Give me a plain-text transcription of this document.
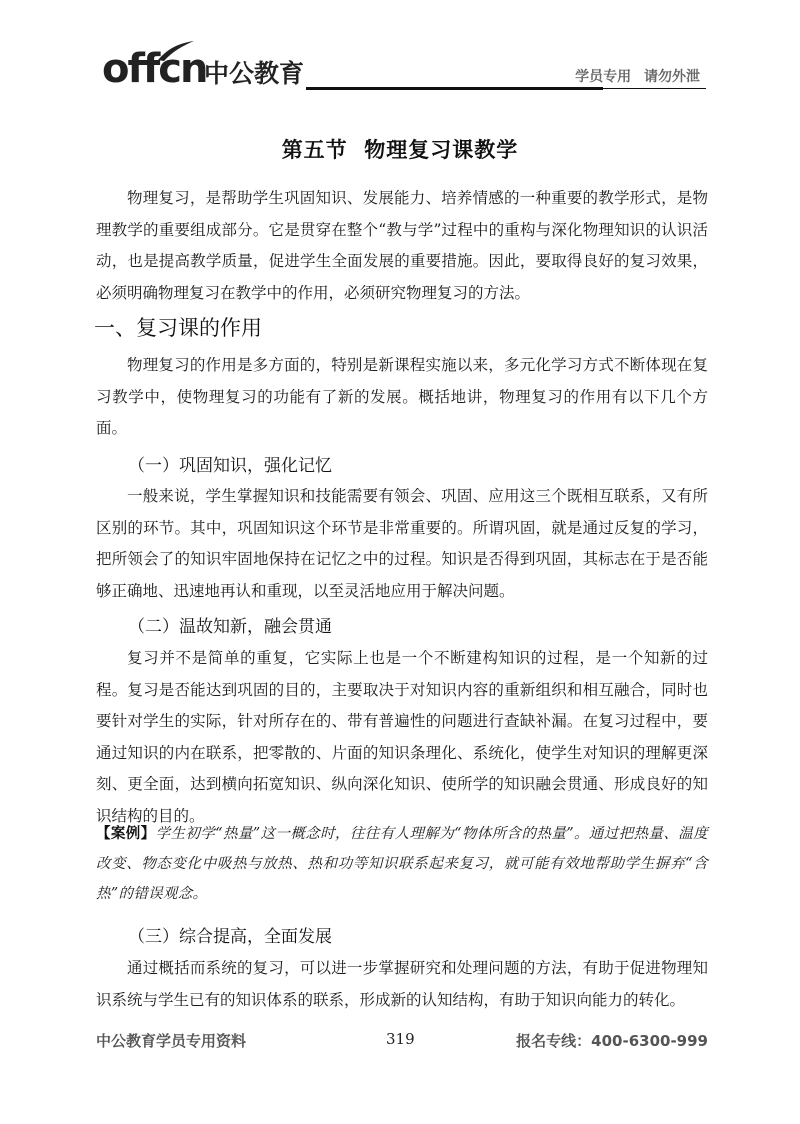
offcn
中公教育	学员专用 请勿外泄
第五节  物理复习课教学

物理复习，是帮助学生巩固知识、发展能力、培养情感的一种重要的教学形式，是物理教学的重要组成部分。它是贯穿在整个“教与学”过程中的重构与深化物理知识的认识活动，也是提高教学质量，促进学生全面发展的重要措施。因此，要取得良好的复习效果，必须明确物理复习在教学中的作用，必须研究物理复习的方法。

一、复习课的作用

物理复习的作用是多方面的，特别是新课程实施以来，多元化学习方式不断体现在复习教学中，使物理复习的功能有了新的发展。概括地讲，物理复习的作用有以下几个方面。

（一）巩固知识，强化记忆

一般来说，学生掌握知识和技能需要有领会、巩固、应用这三个既相互联系，又有所区别的环节。其中，巩固知识这个环节是非常重要的。所谓巩固，就是通过反复的学习，把所领会了的知识牢固地保持在记忆之中的过程。知识是否得到巩固，其标志在于是否能够正确地、迅速地再认和重现，以至灵活地应用于解决问题。

（二）温故知新，融会贯通

复习并不是简单的重复，它实际上也是一个不断建构知识的过程，是一个知新的过程。复习是否能达到巩固的目的，主要取决于对知识内容的重新组织和相互融合，同时也要针对学生的实际，针对所存在的、带有普遍性的问题进行查缺补漏。在复习过程中，要通过知识的内在联系，把零散的、片面的知识条理化、系统化，使学生对知识的理解更深刻、更全面，达到横向拓宽知识、纵向深化知识、使所学的知识融会贯通、形成良好的知识结构的目的。

【案例】学生初学“热量”这一概念时，往往有人理解为“物体所含的热量”。通过把热量、温度改变、物态变化中吸热与放热、热和功等知识联系起来复习，就可能有效地帮助学生摒弃“含热”的错误观念。
（三）综合提高，全面发展

通过概括而系统的复习，可以进一步掌握研究和处理问题的方法，有助于促进物理知识系统与学生已有的知识体系的联系，形成新的认知结构，有助于知识向能力的转化。

中公教育学员专用资料	319	报名专线：400-6300-999
